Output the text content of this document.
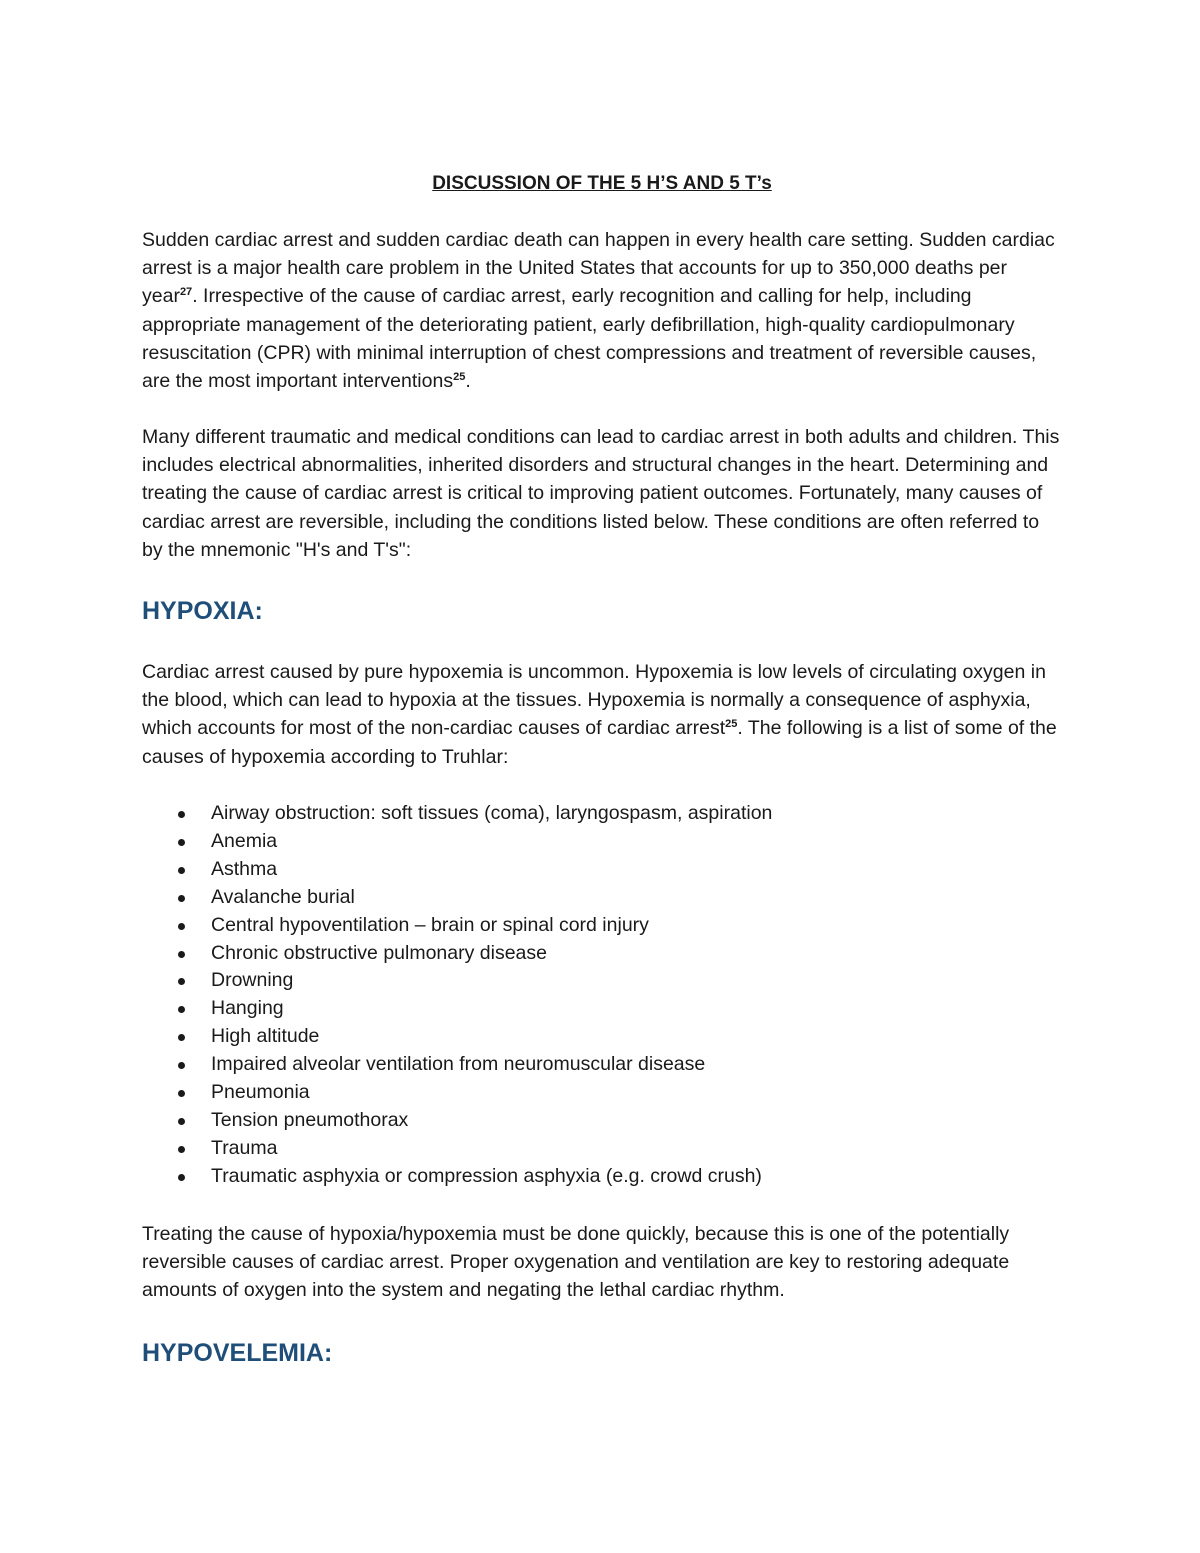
DISCUSSION OF THE 5 H’S AND 5 T’s

Sudden cardiac arrest and sudden cardiac death can happen in every health care setting. Sudden cardiac arrest is a major health care problem in the United States that accounts for up to 350,000 deaths per year$^{27}$. Irrespective of the cause of cardiac arrest, early recognition and calling for help, including appropriate management of the deteriorating patient, early defibrillation, high-quality cardiopulmonary resuscitation (CPR) with minimal interruption of chest compressions and treatment of reversible causes, are the most important interventions$^{25}$.

Many different traumatic and medical conditions can lead to cardiac arrest in both adults and children. This includes electrical abnormalities, inherited disorders and structural changes in the heart. Determining and treating the cause of cardiac arrest is critical to improving patient outcomes. Fortunately, many causes of cardiac arrest are reversible, including the conditions listed below. These conditions are often referred to by the mnemonic "H's and T's":

HYPOXIA:

Cardiac arrest caused by pure hypoxemia is uncommon. Hypoxemia is low levels of circulating oxygen in the blood, which can lead to hypoxia at the tissues. Hypoxemia is normally a consequence of asphyxia, which accounts for most of the non-cardiac causes of cardiac arrest$^{25}$. The following is a list of some of the causes of hypoxemia according to Truhlar:

Airway obstruction: soft tissues (coma), laryngospasm, aspiration
Anemia
Asthma
Avalanche burial
Central hypoventilation – brain or spinal cord injury
Chronic obstructive pulmonary disease
Drowning
Hanging
High altitude
Impaired alveolar ventilation from neuromuscular disease
Pneumonia
Tension pneumothorax
Trauma
Traumatic asphyxia or compression asphyxia (e.g. crowd crush)

Treating the cause of hypoxia/hypoxemia must be done quickly, because this is one of the potentially reversible causes of cardiac arrest. Proper oxygenation and ventilation are key to restoring adequate amounts of oxygen into the system and negating the lethal cardiac rhythm.

HYPOVELEMIA:
